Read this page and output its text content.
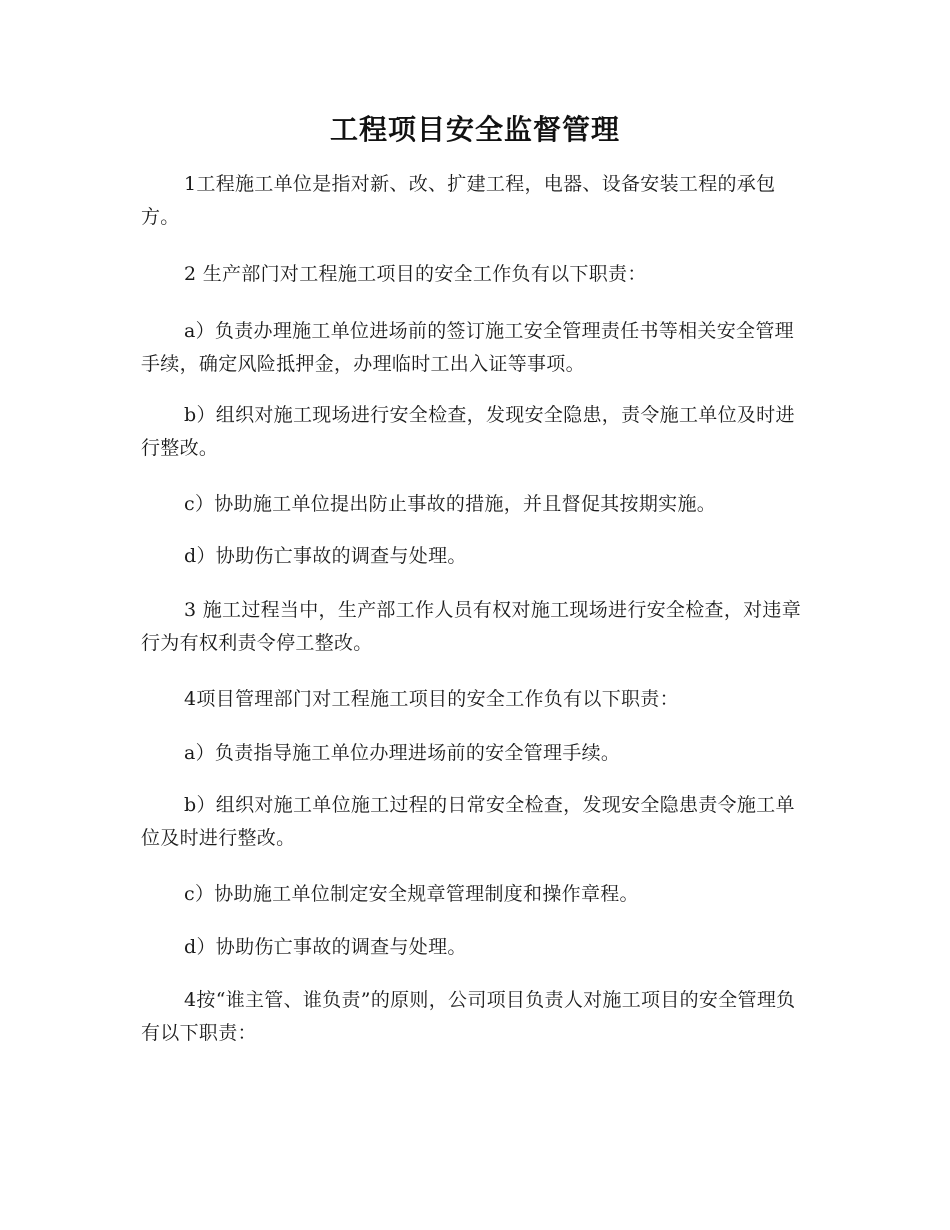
工程项目安全监督管理

1工程施工单位是指对新、改、扩建工程，电器、设备安装工程的承包方。

2 生产部门对工程施工项目的安全工作负有以下职责：

a）负责办理施工单位进场前的签订施工安全管理责任书等相关安全管理手续，确定风险抵押金，办理临时工出入证等事项。

b）组织对施工现场进行安全检查，发现安全隐患，责令施工单位及时进行整改。

c）协助施工单位提出防止事故的措施，并且督促其按期实施。

d）协助伤亡事故的调查与处理。

3 施工过程当中，生产部工作人员有权对施工现场进行安全检查，对违章行为有权利责令停工整改。

4项目管理部门对工程施工项目的安全工作负有以下职责：

a）负责指导施工单位办理进场前的安全管理手续。

b）组织对施工单位施工过程的日常安全检查，发现安全隐患责令施工单位及时进行整改。

c）协助施工单位制定安全规章管理制度和操作章程。

d）协助伤亡事故的调查与处理。

4按“谁主管、谁负责”的原则，公司项目负责人对施工项目的安全管理负有以下职责：
